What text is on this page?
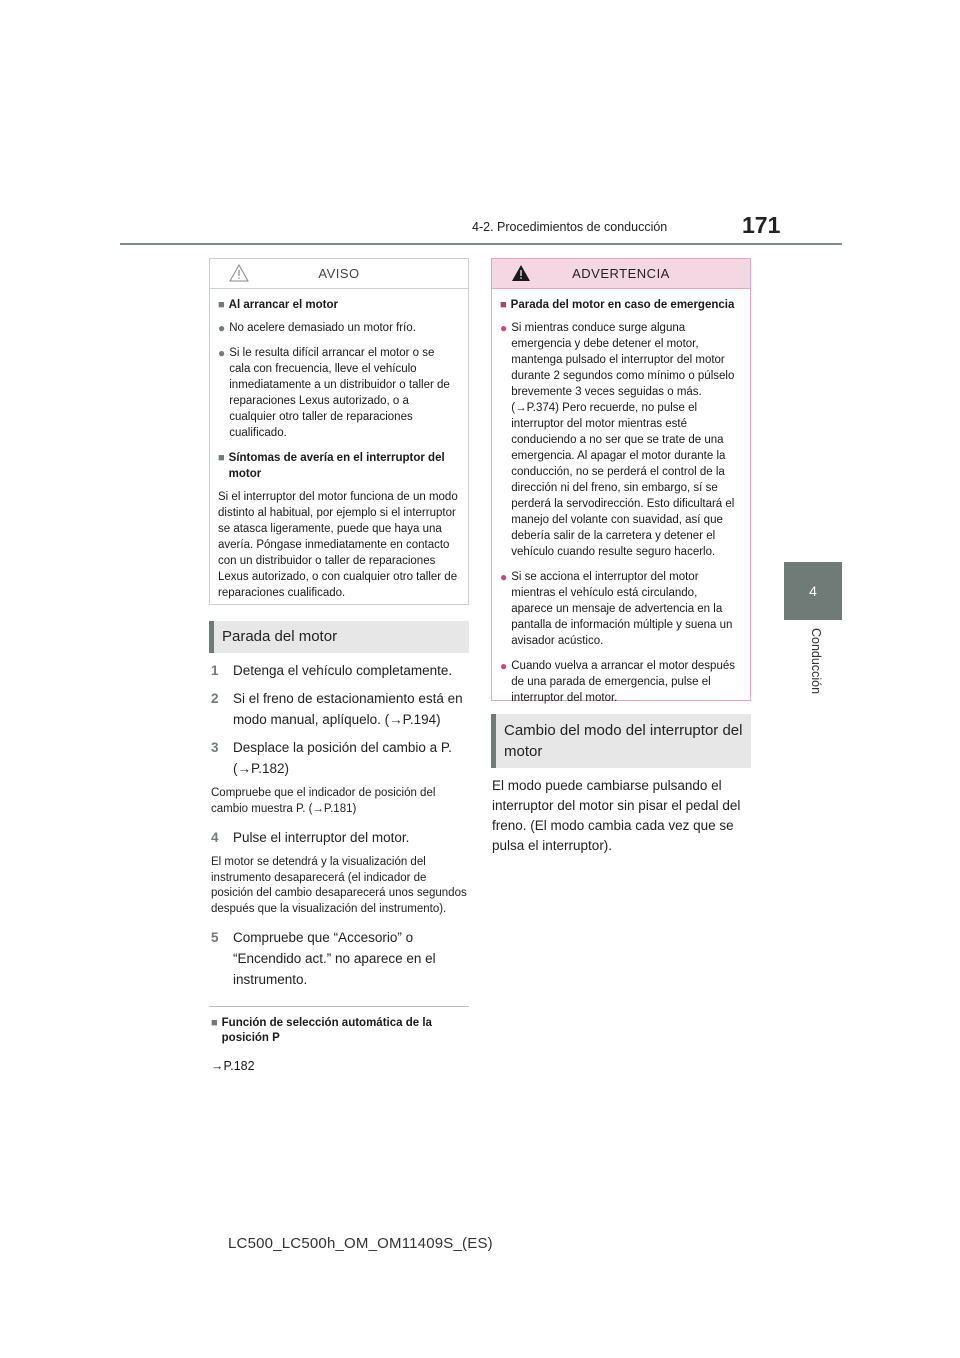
4-2. Procedimientos de conducción	171
4
Conducción
AVISO
■ Al arrancar el motor
● No acelere demasiado un motor frío.
● Si le resulta difícil arrancar el motor o se cala con frecuencia, lleve el vehículo inmediatamente a un distribuidor o taller de reparaciones Lexus autorizado, o a cualquier otro taller de reparaciones cualificado.
■ Síntomas de avería en el interruptor del motor
Si el interruptor del motor funciona de un modo distinto al habitual, por ejemplo si el interruptor se atasca ligeramente, puede que haya una avería. Póngase inmediatamente en contacto con un distribuidor o taller de reparaciones Lexus autorizado, o con cualquier otro taller de reparaciones cualificado.
Parada del motor
1	Detenga el vehículo completamente.
2	Si el freno de estacionamiento está en modo manual, aplíquelo. (→P.194)
3	Desplace la posición del cambio a P. (→P.182)
Compruebe que el indicador de posición del cambio muestra P. (→P.181)
4	Pulse el interruptor del motor.
El motor se detendrá y la visualización del instrumento desaparecerá (el indicador de posición del cambio desaparecerá unos segundos después que la visualización del instrumento).
5	Compruebe que “Accesorio” o “Encendido act.” no aparece en el instrumento.
■ Función de selección automática de la posición P
→P.182
ADVERTENCIA
■ Parada del motor en caso de emergencia
● Si mientras conduce surge alguna emergencia y debe detener el motor, mantenga pulsado el interruptor del motor durante 2 segundos como mínimo o púlselo brevemente 3 veces seguidas o más. (→P.374) Pero recuerde, no pulse el interruptor del motor mientras esté conduciendo a no ser que se trate de una emergencia. Al apagar el motor durante la conducción, no se perderá el control de la dirección ni del freno, sin embargo, sí se perderá la servodirección. Esto dificultará el manejo del volante con suavidad, así que debería salir de la carretera y detener el vehículo cuando resulte seguro hacerlo.
● Si se acciona el interruptor del motor mientras el vehículo está circulando, aparece un mensaje de advertencia en la pantalla de información múltiple y suena un avisador acústico.
● Cuando vuelva a arrancar el motor después de una parada de emergencia, pulse el interruptor del motor.
Cambio del modo del interruptor del motor
El modo puede cambiarse pulsando el interruptor del motor sin pisar el pedal del freno. (El modo cambia cada vez que se pulsa el interruptor).
LC500_LC500h_OM_OM11409S_(ES)
